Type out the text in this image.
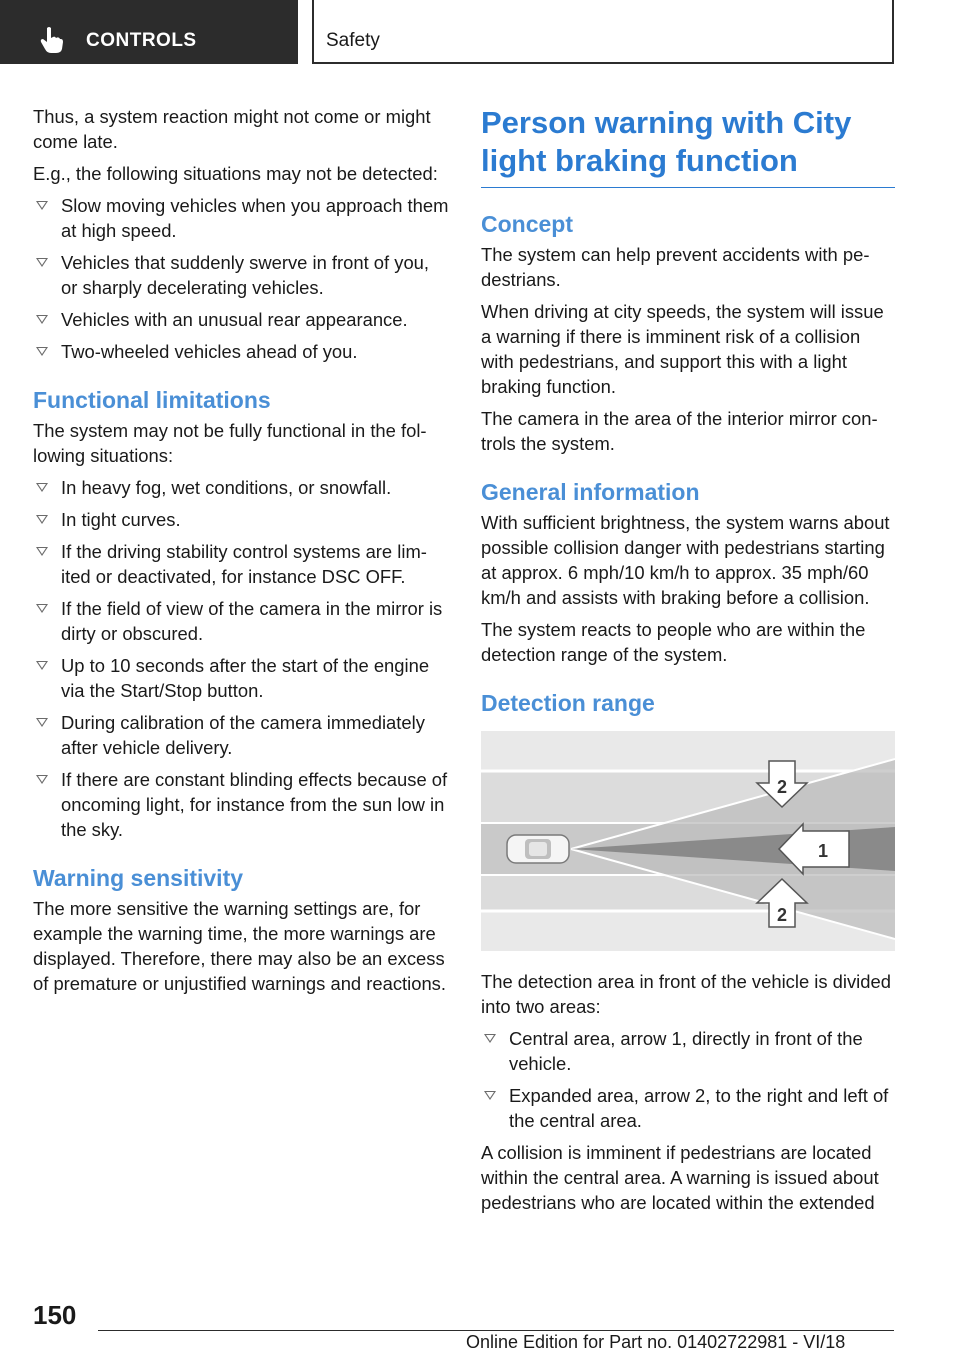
CONTROLS	Safety

Thus, a system reaction might not come or might come late.

E.g., the following situations may not be detected:

Slow moving vehicles when you approach them at high speed.
Vehicles that suddenly swerve in front of you, or sharply decelerating vehicles.
Vehicles with an unusual rear appearance.
Two-wheeled vehicles ahead of you.
Functional limitations

The system may not be fully functional in the following situations:

In heavy fog, wet conditions, or snowfall.
In tight curves.
If the driving stability control systems are limited or deactivated, for instance DSC OFF.
If the field of view of the camera in the mirror is dirty or obscured.
Up to 10 seconds after the start of the engine via the Start/Stop button.
During calibration of the camera immediately after vehicle delivery.
If there are constant blinding effects because of oncoming light, for instance from the sun low in the sky.
Warning sensitivity

The more sensitive the warning settings are, for example the warning time, the more warnings are displayed. Therefore, there may also be an excess of premature or unjustified warnings and reactions.

Person warning with City light braking function
Concept

The system can help prevent accidents with pedestrians.

When driving at city speeds, the system will issue a warning if there is imminent risk of a collision with pedestrians, and support this with a light braking function.

The camera in the area of the interior mirror controls the system.

General information

With sufficient brightness, the system warns about possible collision danger with pedestrians starting at approx. 6 mph/10 km/h to approx. 35 mph/60 km/h and assists with braking before a collision.

The system reacts to people who are within the detection range of the system.

Detection range
2
1
2

The detection area in front of the vehicle is divided into two areas:

Central area, arrow 1, directly in front of the vehicle.
Expanded area, arrow 2, to the right and left of the central area.

A collision is imminent if pedestrians are located within the central area. A warning is issued about pedestrians who are located within the extended

150
Online Edition for Part no. 01402722981 - VI/18
